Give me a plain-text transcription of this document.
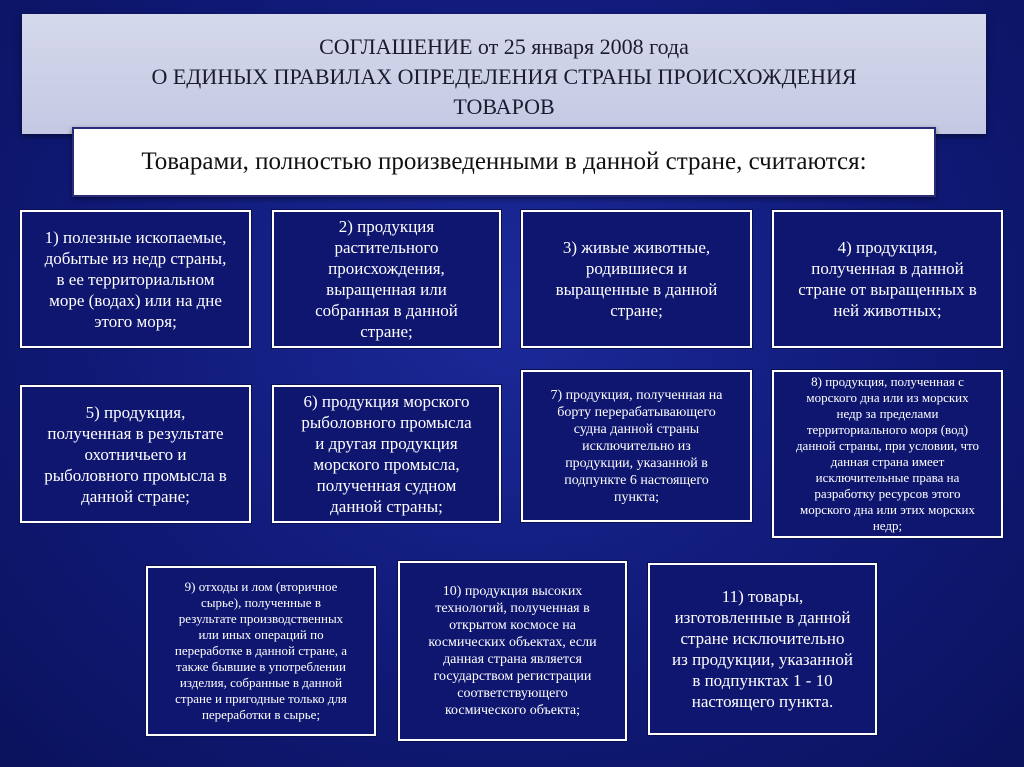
СОГЛАШЕНИЕ от 25 января 2008 года
О ЕДИНЫХ ПРАВИЛАХ ОПРЕДЕЛЕНИЯ СТРАНЫ ПРОИСХОЖДЕНИЯ
ТОВАРОВ
Товарами, полностью произведенными в данной стране, считаются:
1) полезные ископаемые,
добытые из недр страны,
в ее территориальном
море (водах) или на дне
этого моря;
2) продукция
растительного
происхождения,
выращенная или
собранная в данной
стране;
3) живые животные,
родившиеся и
выращенные в данной
стране;
4) продукция,
полученная в данной
стране от выращенных в
ней животных;
5) продукция,
полученная в результате
охотничьего и
рыболовного промысла в
данной стране;
6) продукция морского
рыболовного промысла
и другая продукция
морского промысла,
полученная судном
данной страны;
7) продукция, полученная на
борту перерабатывающего
судна данной страны
исключительно из
продукции, указанной в
подпункте 6 настоящего
пункта;
8) продукция, полученная с
морского дна или из морских
недр за пределами
территориального моря (вод)
данной страны, при условии, что
данная страна имеет
исключительные права на
разработку ресурсов этого
морского дна или этих морских
недр;
9) отходы и лом (вторичное
сырье), полученные в
результате производственных
или иных операций по
переработке в данной стране, а
также бывшие в употреблении
изделия, собранные в данной
стране и пригодные только для
переработки в сырье;
10) продукция высоких
технологий, полученная в
открытом космосе на
космических объектах, если
данная страна является
государством регистрации
соответствующего
космического объекта;
11) товары,
изготовленные в данной
стране исключительно
из продукции, указанной
в подпунктах 1 - 10
настоящего пункта.
